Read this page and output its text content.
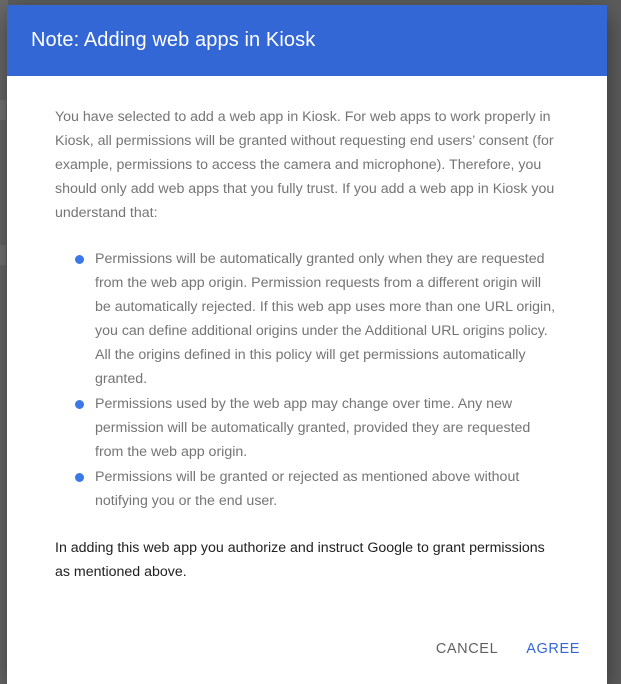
Note: Adding web apps in Kiosk

You have selected to add a web app in Kiosk. For web apps to work properly in Kiosk, all permissions will be granted without requesting end users’ consent (for example, permissions to access the camera and microphone). Therefore, you should only add web apps that you fully trust. If you add a web app in Kiosk you understand that:

Permissions will be automatically granted only when they are requested from the web app origin. Permission requests from a different origin will be automatically rejected. If this web app uses more than one URL origin, you can define additional origins under the Additional URL origins policy. All the origins defined in this policy will get permissions automatically granted.
Permissions used by the web app may change over time. Any new permission will be automatically granted, provided they are requested from the web app origin.
Permissions will be granted or rejected as mentioned above without notifying you or the end user.

In adding this web app you authorize and instruct Google to grant permissions as mentioned above.

CANCEL AGREE
